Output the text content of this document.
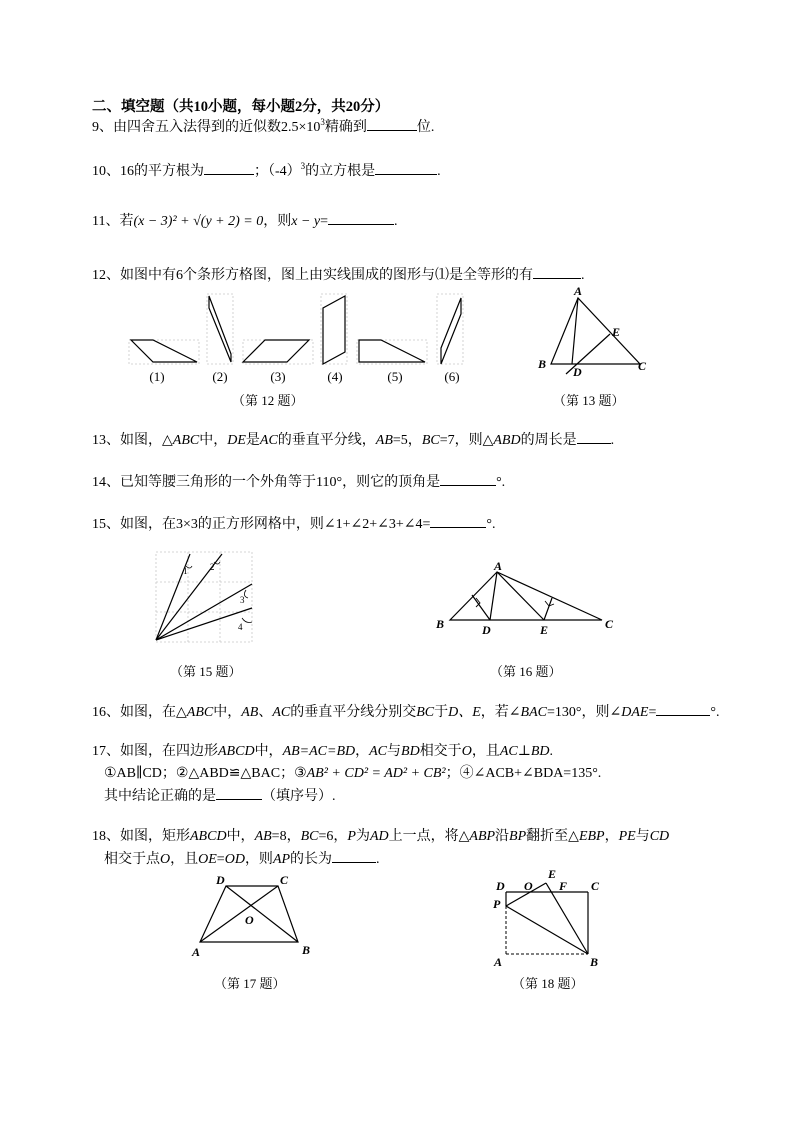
二、填空题（共10小题，每小题2分，共20分）
9、由四舍五入法得到的近似数$2.5\times 10^3$精确到	位.
10、16的平方根为	；$(-4)^3$的立方根是	.
11、若(x − 3)² + √(y + 2) = 0，则x − y=	.
12、如图中有6个条形方格图，图上由实线围成的图形与⑴是全等形的有	.
(1)	(2)	(3)	(4)	(5)	(6)
（第 12 题）
A
E
B
D	C
（第 13 题）
13、如图，△ABC中，DE是AC的垂直平分线，AB=5，BC=7，则△ABD的周长是 .
14、已知等腰三角形的一个外角等于110°，则它的顶角是	°.
15、如图，在3×3的正方形网格中，则∠1+∠2+∠3+∠4=	°.
1	2
3
4
（第 15 题）
A
B	D	E	C
（第 16 题）
16、如图，在△ABC中，AB、AC的垂直平分线分别交BC于D、E，若∠BAC=130°，则∠DAE=	°.
17、如图，在四边形ABCD中，AB=AC=BD，AC与BD相交于O，且AC⊥BD.
①AB∥CD；②△ABD≌△BAC；③AB² + CD² = AD² + CB²；④∠ACB+∠BDA=135°.
其中结论正确的是	（填序号）.
18、如图，矩形ABCD中，AB=8，BC=6，P为AD上一点，将△ABP沿BP翻折至△EBP，PE与CD
相交于点O，且OE=OD，则AP的长为	.
D	C
O
A	B
（第 17 题）
D O
E
F C
P
A	B
（第 18 题）
